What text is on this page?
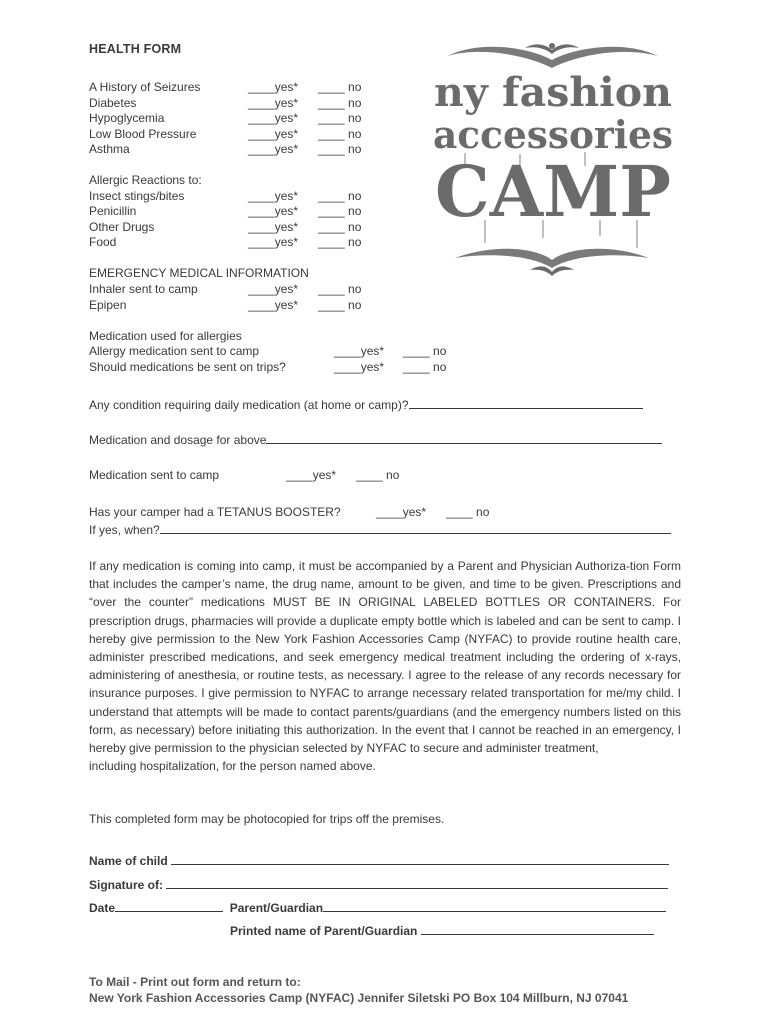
HEALTH FORM
A History of Seizures	____yes* ____ no
Diabetes	____yes* ____ no
Hypoglycemia	____yes* ____ no
Low Blood Pressure	____yes* ____ no
Asthma	____yes* ____ no
Allergic Reactions to:
Insect stings/bites	____yes* ____ no
Penicillin	____yes* ____ no
Other Drugs	____yes* ____ no
Food	____yes* ____ no
EMERGENCY MEDICAL INFORMATION
Inhaler sent to camp	____yes* ____ no
Epipen	____yes* ____ no
Medication used for allergies
Allergy medication sent to camp	____yes* ____ no
Should medications be sent on trips?	____yes* ____ no
Any condition requiring daily medication (at home or camp)?
Medication and dosage for above
Medication sent to camp	____yes* ____ no
Has your camper had a TETANUS BOOSTER?	____yes* ____ no
If yes, when?

If any medication is coming into camp, it must be accompanied by a Parent and Physician Authoriza-tion Form that includes the camper’s name, the drug name, amount to be given, and time to be given. Prescriptions and “over the counter” medications MUST BE IN ORIGINAL LABELED BOTTLES OR CONTAINERS. For prescription drugs, pharmacies will provide a duplicate empty bottle which is labeled and can be sent to camp. I hereby give permission to the New York Fashion Accessories Camp (NYFAC) to provide routine health care, administer prescribed medications, and seek emergency medical treatment including the ordering of x-rays, administering of anesthesia, or routine tests, as necessary. I agree to the release of any records necessary for insurance purposes. I give permission to NYFAC to arrange necessary related transportation for me/my child. I understand that attempts will be made to contact parents/guardians (and the emergency numbers listed on this form, as necessary) before initiating this authorization. In the event that I cannot be reached in an emergency, I hereby give permission to the physician selected by NYFAC to secure and administer treatment,

including hospitalization, for the person named above.

This completed form may be photocopied for trips off the premises.
Name of child
Signature of:
Date	Parent/Guardian
Printed name of Parent/Guardian
To Mail - Print out form and return to:
New York Fashion Accessories Camp (NYFAC) Jennifer Siletski PO Box 104 Millburn, NJ 07041
ny fashion
accessories
CAMP
